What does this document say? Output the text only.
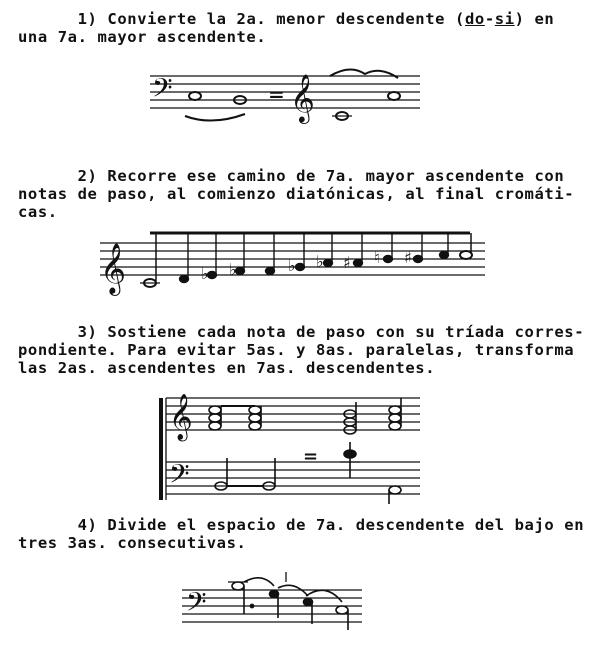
1) Convierte la 2a. menor descendente (do-si) en
una 7a. mayor ascendente.

𝄢	= 𝄞

2) Recorre ese camino de 7a. mayor ascendente con
notas de paso, al comienzo diatónicas, al final cromáti-
cas.

𝄞	♭ ♭	♭ ♭ ♯ ♮ ♯

3) Sostiene cada nota de paso con su tríada corres-
pondiente. Para evitar 5as. y 8as. paralelas, transforma
las 2as. ascendentes en 7as. descendentes.

𝄞
𝄢
=

4) Divide el espacio de 7a. descendente del bajo en
tres 3as. consecutivas.

𝄢
